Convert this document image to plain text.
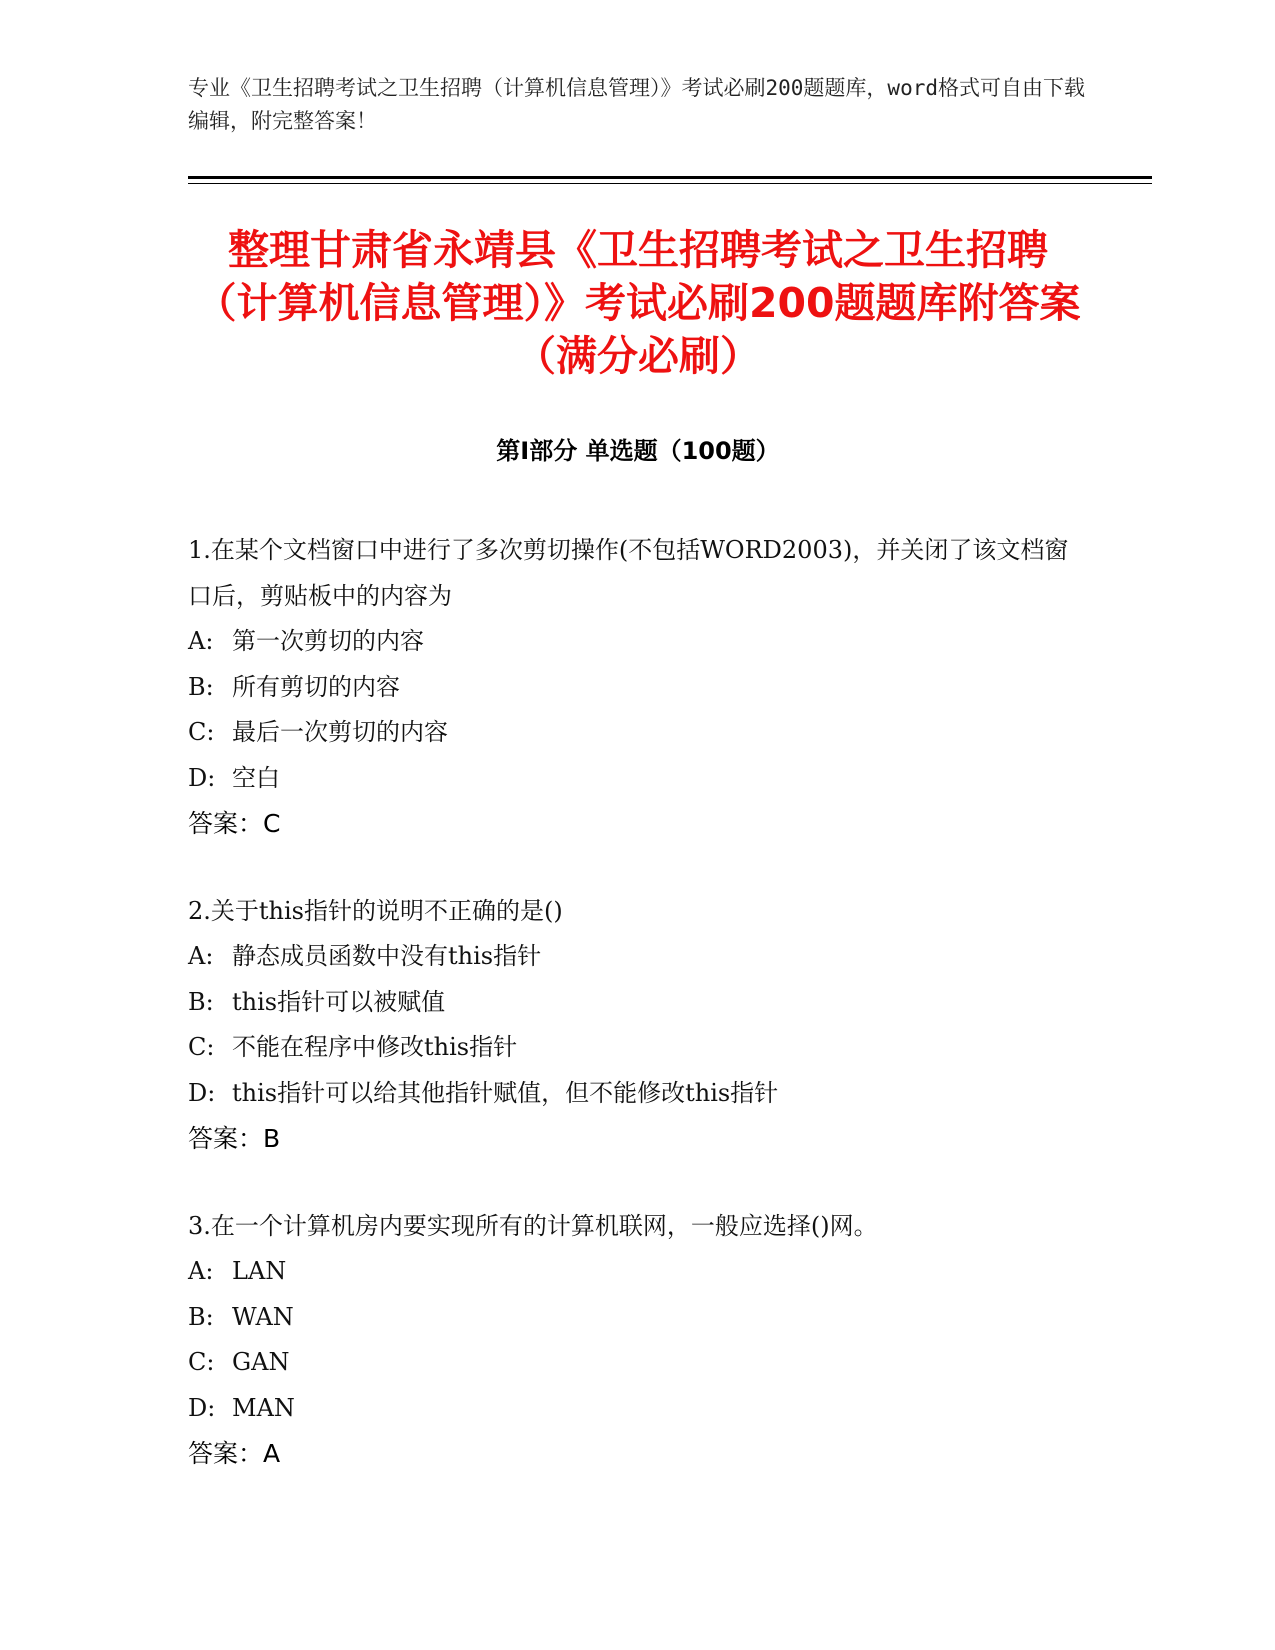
专业《卫生招聘考试之卫生招聘（计算机信息管理）》考试必刷200题题库，word格式可自由下载编辑，附完整答案！
整理甘肃省永靖县《卫生招聘考试之卫生招聘（计算机信息管理）》考试必刷200题题库附答案（满分必刷）
第Ⅰ部分 单选题（100题）
1.在某个文档窗口中进行了多次剪切操作(不包括WORD2003)，并关闭了该文档窗口后，剪贴板中的内容为
A: 第一次剪切的内容
B: 所有剪切的内容
C: 最后一次剪切的内容
D: 空白
答案：C
2.关于this指针的说明不正确的是()
A: 静态成员函数中没有this指针
B: this指针可以被赋值
C: 不能在程序中修改this指针
D: this指针可以给其他指针赋值，但不能修改this指针
答案：B
3.在一个计算机房内要实现所有的计算机联网，一般应选择()网。
A: LAN
B: WAN
C: GAN
D: MAN
答案：A
